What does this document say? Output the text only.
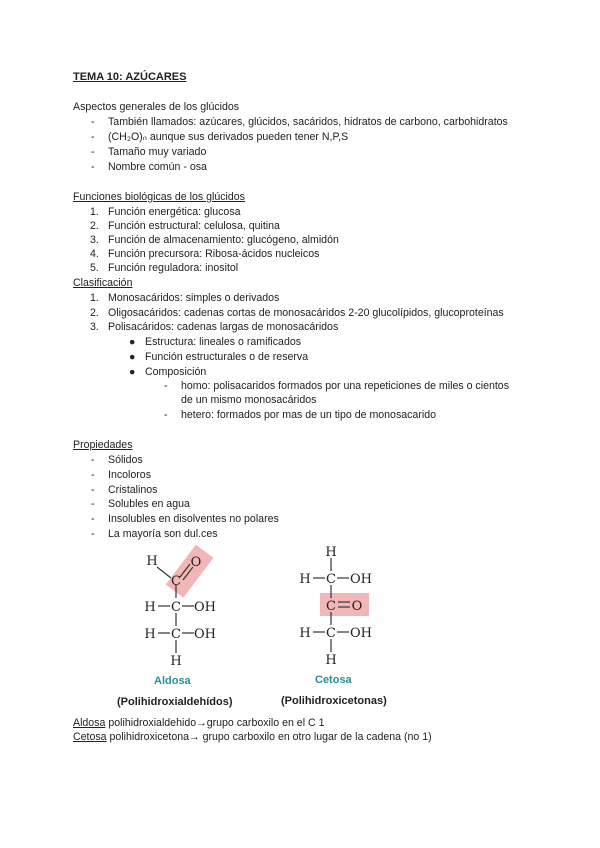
TEMA 10: AZÚCARES
Aspectos generales de los glúcidos
- También llamados: azúcares, glúcidos, sacáridos, hidratos de carbono, carbohidratos
- (CH₂O)ₙ aunque sus derivados pueden tener N,P,S
- Tamaño muy variado
- Nombre común - osa
Funciones biológicas de los glúcidos
1. Función energética: glucosa
2. Función estructural: celulosa, quitina
3. Función de almacenamiento: glucógeno, almidón
4. Función precursora: Ribosa-ácidos nucleicos
5. Función reguladora: inositol
Clasificación
1. Monosacáridos: simples o derivados
2. Oligosacáridos: cadenas cortas de monosacáridos 2-20 glucolípidos, glucoproteínas
3. Polisacáridos: cadenas largas de monosacáridos
● Estructura: lineales o ramificados
● Función estructurales o de reserva
● Composición
- homo: polisacaridos formados por una repeticiones de miles o cientos
de un mismo monosacáridos
- hetero: formados por mas de un tipo de monosacarido
Propiedades
- Sólidos
- Incoloros
- Cristalinos
- Solubles en agua
- Insolubles en disolventes no polares
- La mayoría son dul.ces
H	O
C
H C OH
H C OH
H
H
H C OH
C O
H C OH
H
Aldosa
(Polihidroxialdehídos)
Cetosa
(Polihidroxicetonas)
Aldosa polihidroxialdehido→grupo carboxilo en el C 1
Cetosa polihidroxicetona→ grupo carboxilo en otro lugar de la cadena (no 1)
